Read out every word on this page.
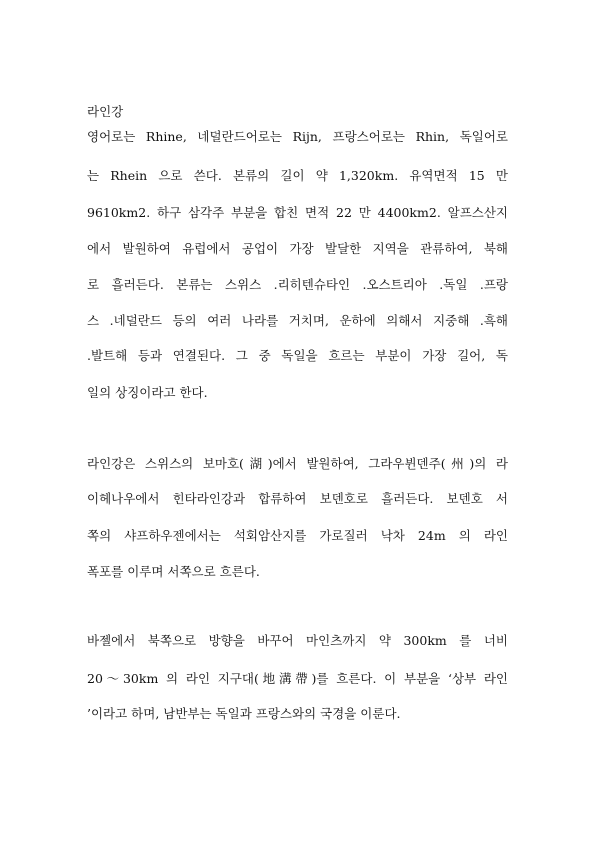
라인강
영어로는 Rhine, 네덜란드어로는 Rijn, 프랑스어로는 Rhin, 독일어로
는 Rhein 으로 쓴다. 본류의 길이 약 1,320km. 유역면적 15 만
9610km2. 하구 삼각주 부분을 합친 면적 22 만 4400km2. 알프스산지
에서 발원하여 유럽에서 공업이 가장 발달한 지역을 관류하여, 북해
로 흘러든다. 본류는 스위스 .리히텐슈타인 .오스트리아 .독일 .프랑
스 .네덜란드 등의 여러 나라를 거치며, 운하에 의해서 지중해 .흑해
.발트해 등과 연결된다. 그 중 독일을 흐르는 부분이 가장 길어, 독
일의 상징이라고 한다.
라인강은 스위스의 보마호(湖)에서 발원하여, 그라우뷘덴주(州)의 라
이헤나우에서 힌타라인강과 합류하여 보덴호로 흘러든다. 보덴호 서
쪽의 샤프하우젠에서는 석회암산지를 가로질러 낙차 24m 의 라인
폭포를 이루며 서쪽으로 흐른다.
바젤에서 북쪽으로 방향을 바꾸어 마인츠까지 약 300km 를 너비
20～30km 의 라인 지구대(地溝帶)를 흐른다. 이 부분을 ‘상부 라인
’이라고 하며, 남반부는 독일과 프랑스와의 국경을 이룬다.
